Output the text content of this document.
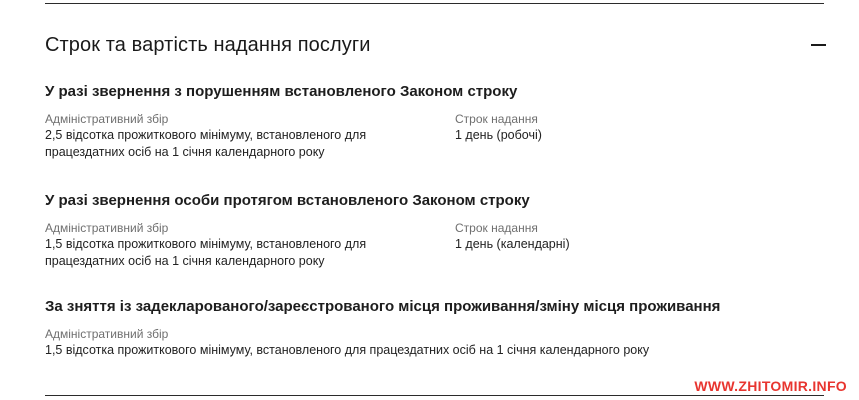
Строк та вартість надання послуги

У разі звернення з порушенням встановленого Законом строку

Адміністративний збір
2,5 відсотка прожиткового мінімуму, встановленого для працездатних осіб на 1 січня календарного року
Строк надання
1 день (робочі)

У разі звернення особи протягом встановленого Законом строку

Адміністративний збір
1,5 відсотка прожиткового мінімуму, встановленого для працездатних осіб на 1 січня календарного року
Строк надання
1 день (календарні)

За зняття із задекларованого/зареєстрованого місця проживання/зміну місця проживання

Адміністративний збір
1,5 відсотка прожиткового мінімуму, встановленого для працездатних осіб на 1 січня календарного року
WWW.ZHITOMIR.INFO
